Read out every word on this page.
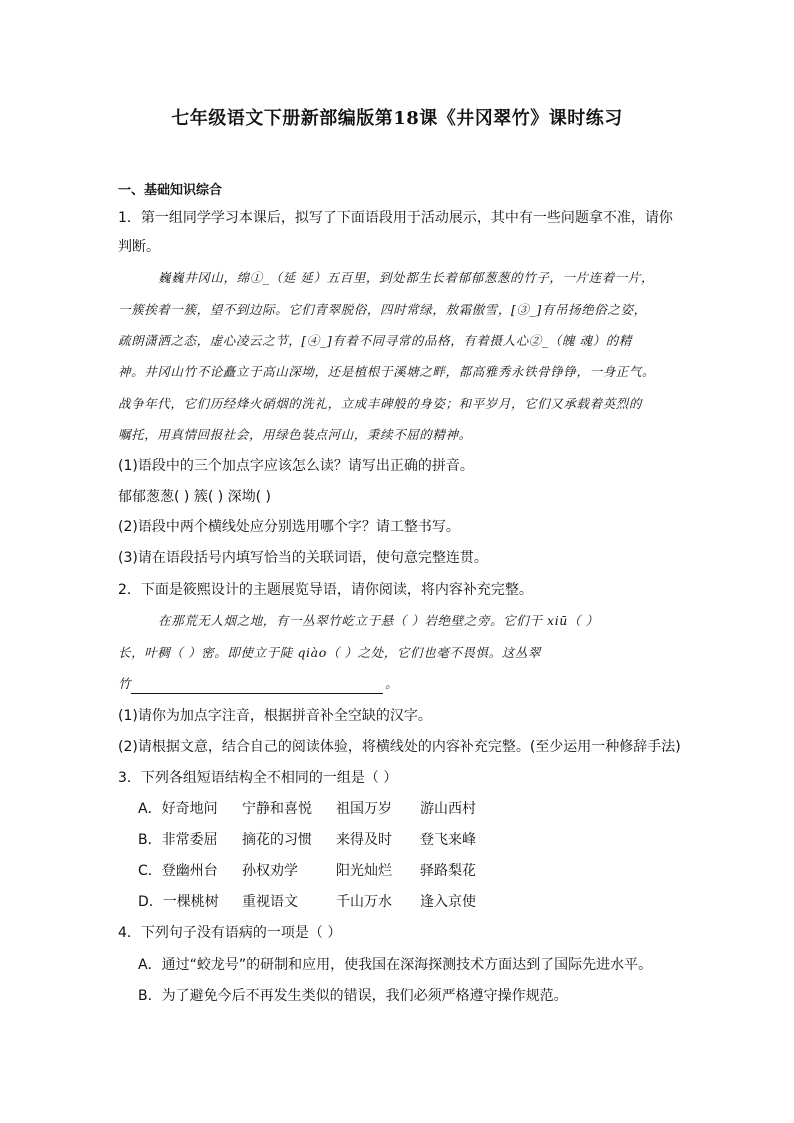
七年级语文下册新部编版第18课《井冈翠竹》课时练习
一、基础知识综合
1．第一组同学学习本课后，拟写了下面语段用于活动展示，其中有一些问题拿不准，请你
判断。
巍巍井冈山，绵①_（延 延）五百里，到处都生长着郁郁葱葱的竹子，一片连着一片，
一簇挨着一簇，望不到边际。它们青翠脱俗，四时常绿，敖霜傲雪，[③_]有吊扬绝俗之姿，
疏朗潇洒之态，虚心凌云之节，[④_]有着不同寻常的品格，有着摄人心②_（魄 魂）的精
神。井冈山竹不论矗立于高山深坳，还是植根于溪塘之畔，都高雅秀永铁骨铮铮，一身正气。
战争年代，它们历经烽火硝烟的洗礼，立成丰碑般的身姿；和平岁月，它们又承载着英烈的
嘱托，用真情回报社会，用绿色装点河山，秉续不屈的精神。
(1)语段中的三个加点字应该怎么读？请写出正确的拼音。
郁郁葱葱( ) 簇( ) 深坳( )
(2)语段中两个横线处应分别选用哪个字？请工整书写。
(3)请在语段括号内填写恰当的关联词语，使句意完整连贯。
2．下面是筱熙设计的主题展览导语，请你阅读，将内容补充完整。
在那荒无人烟之地，有一丛翠竹屹立于悬（ ）岩绝壁之旁。它们干 xiū（ ）
长，叶稠（ ）密。即使立于陡 qiào（ ）之处，它们也毫不畏惧。这丛翠
竹	。
(1)请你为加点字注音，根据拼音补全空缺的汉字。
(2)请根据文意，结合自己的阅读体验，将横线处的内容补充完整。(至少运用一种修辞手法)
3．下列各组短语结构全不相同的一组是（ ）
A．好奇地问 宁静和喜悦 祖国万岁 游山西村
B．非常委屈 摘花的习惯 来得及时 登飞来峰
C．登幽州台 孙权劝学	阳光灿烂 驿路梨花
D．一棵桃树 重视语文	千山万水 逢入京使
4．下列句子没有语病的一项是（ ）
A．通过“蛟龙号”的研制和应用，使我国在深海探测技术方面达到了国际先进水平。
B．为了避免今后不再发生类似的错误，我们必须严格遵守操作规范。
